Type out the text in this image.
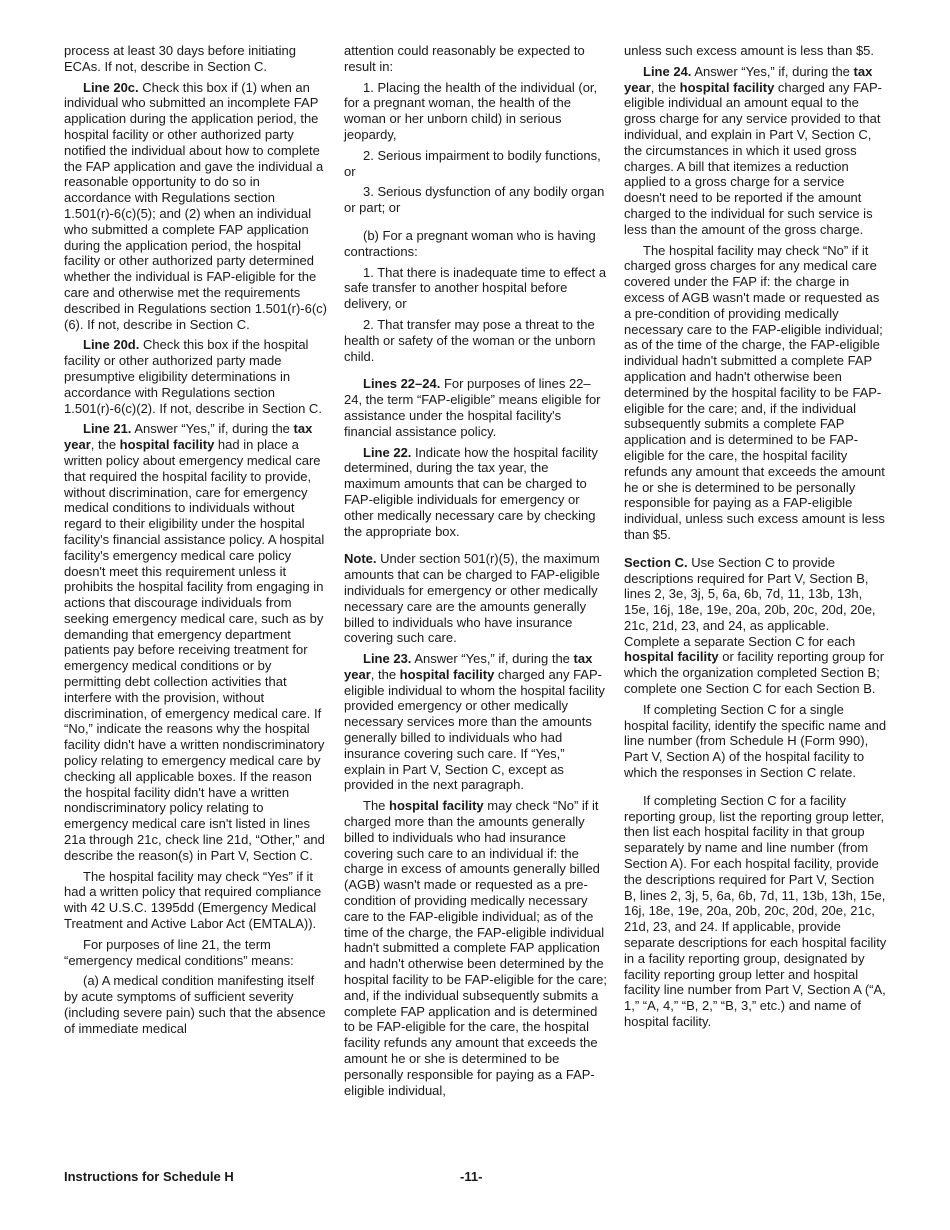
process at least 30 days before initiating ECAs. If not, describe in Section C.

Line 20c. Check this box if (1) when an individual who submitted an incomplete FAP application during the application period, the hospital facility or other authorized party notified the individual about how to complete the FAP application and gave the individual a reasonable opportunity to do so in accordance with Regulations section 1.501(r)-6(c)(5); and (2) when an individual who submitted a complete FAP application during the application period, the hospital facility or other authorized party determined whether the individual is FAP-eligible for the care and otherwise met the requirements described in Regulations section 1.501(r)-6(c)(6). If not, describe in Section C.

Line 20d. Check this box if the hospital facility or other authorized party made presumptive eligibility determinations in accordance with Regulations section 1.501(r)-6(c)(2). If not, describe in Section C.

Line 21. Answer “Yes,” if, during the tax year, the hospital facility had in place a written policy about emergency medical care that required the hospital facility to provide, without discrimination, care for emergency medical conditions to individuals without regard to their eligibility under the hospital facility's financial assistance policy. A hospital facility's emergency medical care policy doesn't meet this requirement unless it prohibits the hospital facility from engaging in actions that discourage individuals from seeking emergency medical care, such as by demanding that emergency department patients pay before receiving treatment for emergency medical conditions or by permitting debt collection activities that interfere with the provision, without discrimination, of emergency medical care. If “No,” indicate the reasons why the hospital facility didn't have a written nondiscriminatory policy relating to emergency medical care by checking all applicable boxes. If the reason the hospital facility didn't have a written nondiscriminatory policy relating to emergency medical care isn't listed in lines 21a through 21c, check line 21d, “Other,” and describe the reason(s) in Part V, Section C.

The hospital facility may check “Yes” if it had a written policy that required compliance with 42 U.S.C. 1395dd (Emergency Medical Treatment and Active Labor Act (EMTALA)).

For purposes of line 21, the term “emergency medical conditions” means:

(a) A medical condition manifesting itself by acute symptoms of sufficient severity (including severe pain) such that the absence of immediate medical

attention could reasonably be expected to result in:

1. Placing the health of the individual (or, for a pregnant woman, the health of the woman or her unborn child) in serious jeopardy,

2. Serious impairment to bodily functions, or

3. Serious dysfunction of any bodily organ or part; or

(b) For a pregnant woman who is having contractions:

1. That there is inadequate time to effect a safe transfer to another hospital before delivery, or

2. That transfer may pose a threat to the health or safety of the woman or the unborn child.

Lines 22–24. For purposes of lines 22–24, the term “FAP-eligible” means eligible for assistance under the hospital facility's financial assistance policy.

Line 22. Indicate how the hospital facility determined, during the tax year, the maximum amounts that can be charged to FAP-eligible individuals for emergency or other medically necessary care by checking the appropriate box.

Note. Under section 501(r)(5), the maximum amounts that can be charged to FAP-eligible individuals for emergency or other medically necessary care are the amounts generally billed to individuals who have insurance covering such care.

Line 23. Answer “Yes,” if, during the tax year, the hospital facility charged any FAP-eligible individual to whom the hospital facility provided emergency or other medically necessary services more than the amounts generally billed to individuals who had insurance covering such care. If “Yes,” explain in Part V, Section C, except as provided in the next paragraph.

The hospital facility may check “No” if it charged more than the amounts generally billed to individuals who had insurance covering such care to an individual if: the charge in excess of amounts generally billed (AGB) wasn't made or requested as a pre-condition of providing medically necessary care to the FAP-eligible individual; as of the time of the charge, the FAP-eligible individual hadn't submitted a complete FAP application and hadn't otherwise been determined by the hospital facility to be FAP-eligible for the care; and, if the individual subsequently submits a complete FAP application and is determined to be FAP-eligible for the care, the hospital facility refunds any amount that exceeds the amount he or she is determined to be personally responsible for paying as a FAP-eligible individual,

unless such excess amount is less than $5.

Line 24. Answer “Yes,” if, during the tax year, the hospital facility charged any FAP-eligible individual an amount equal to the gross charge for any service provided to that individual, and explain in Part V, Section C, the circumstances in which it used gross charges. A bill that itemizes a reduction applied to a gross charge for a service doesn't need to be reported if the amount charged to the individual for such service is less than the amount of the gross charge.

The hospital facility may check “No” if it charged gross charges for any medical care covered under the FAP if: the charge in excess of AGB wasn't made or requested as a pre-condition of providing medically necessary care to the FAP-eligible individual; as of the time of the charge, the FAP-eligible individual hadn't submitted a complete FAP application and hadn't otherwise been determined by the hospital facility to be FAP-eligible for the care; and, if the individual subsequently submits a complete FAP application and is determined to be FAP-eligible for the care, the hospital facility refunds any amount that exceeds the amount he or she is determined to be personally responsible for paying as a FAP-eligible individual, unless such excess amount is less than $5.

Section C. Use Section C to provide descriptions required for Part V, Section B, lines 2, 3e, 3j, 5, 6a, 6b, 7d, 11, 13b, 13h, 15e, 16j, 18e, 19e, 20a, 20b, 20c, 20d, 20e, 21c, 21d, 23, and 24, as applicable. Complete a separate Section C for each hospital facility or facility reporting group for which the organization completed Section B; complete one Section C for each Section B.

If completing Section C for a single hospital facility, identify the specific name and line number (from Schedule H (Form 990), Part V, Section A) of the hospital facility to which the responses in Section C relate.

If completing Section C for a facility reporting group, list the reporting group letter, then list each hospital facility in that group separately by name and line number (from Section A). For each hospital facility, provide the descriptions required for Part V, Section B, lines 2, 3j, 5, 6a, 6b, 7d, 11, 13b, 13h, 15e, 16j, 18e, 19e, 20a, 20b, 20c, 20d, 20e, 21c, 21d, 23, and 24. If applicable, provide separate descriptions for each hospital facility in a facility reporting group, designated by facility reporting group letter and hospital facility line number from Part V, Section A (“A, 1,” “A, 4,” “B, 2,” “B, 3,” etc.) and name of hospital facility.

Instructions for Schedule H	-11-
